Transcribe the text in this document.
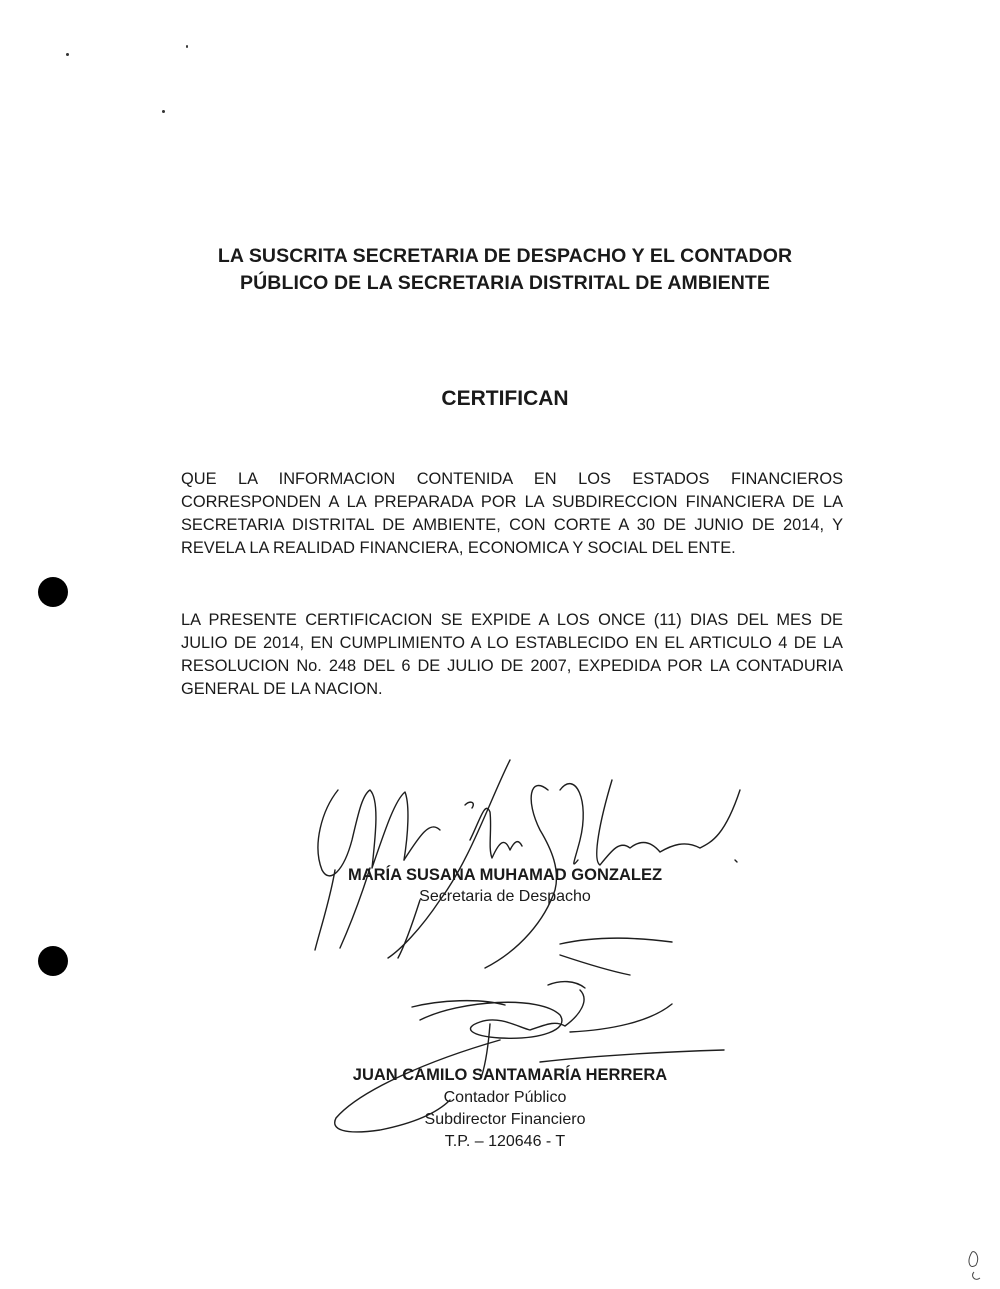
LA SUSCRITA SECRETARIA DE DESPACHO Y EL CONTADOR
PÚBLICO DE LA SECRETARIA DISTRITAL DE AMBIENTE
CERTIFICAN
QUE LA INFORMACION CONTENIDA EN LOS ESTADOS FINANCIEROS CORRESPONDEN A LA PREPARADA POR LA SUBDIRECCION FINANCIERA DE LA SECRETARIA DISTRITAL DE AMBIENTE, CON CORTE A 30 DE JUNIO DE 2014, Y REVELA LA REALIDAD FINANCIERA, ECONOMICA Y SOCIAL DEL ENTE.
LA PRESENTE CERTIFICACION SE EXPIDE A LOS ONCE (11) DIAS DEL MES DE JULIO DE 2014, EN CUMPLIMIENTO A LO ESTABLECIDO EN EL ARTICULO 4 DE LA RESOLUCION No. 248 DEL 6 DE JULIO DE 2007, EXPEDIDA POR LA CONTADURIA GENERAL DE LA NACION.
MARÍA SUSANA MUHAMAD GONZALEZ
Secretaria de Despacho
JUAN CAMILO SANTAMARÍA HERRERA
Contador Público
Subdirector Financiero
T.P. – 120646 - T
